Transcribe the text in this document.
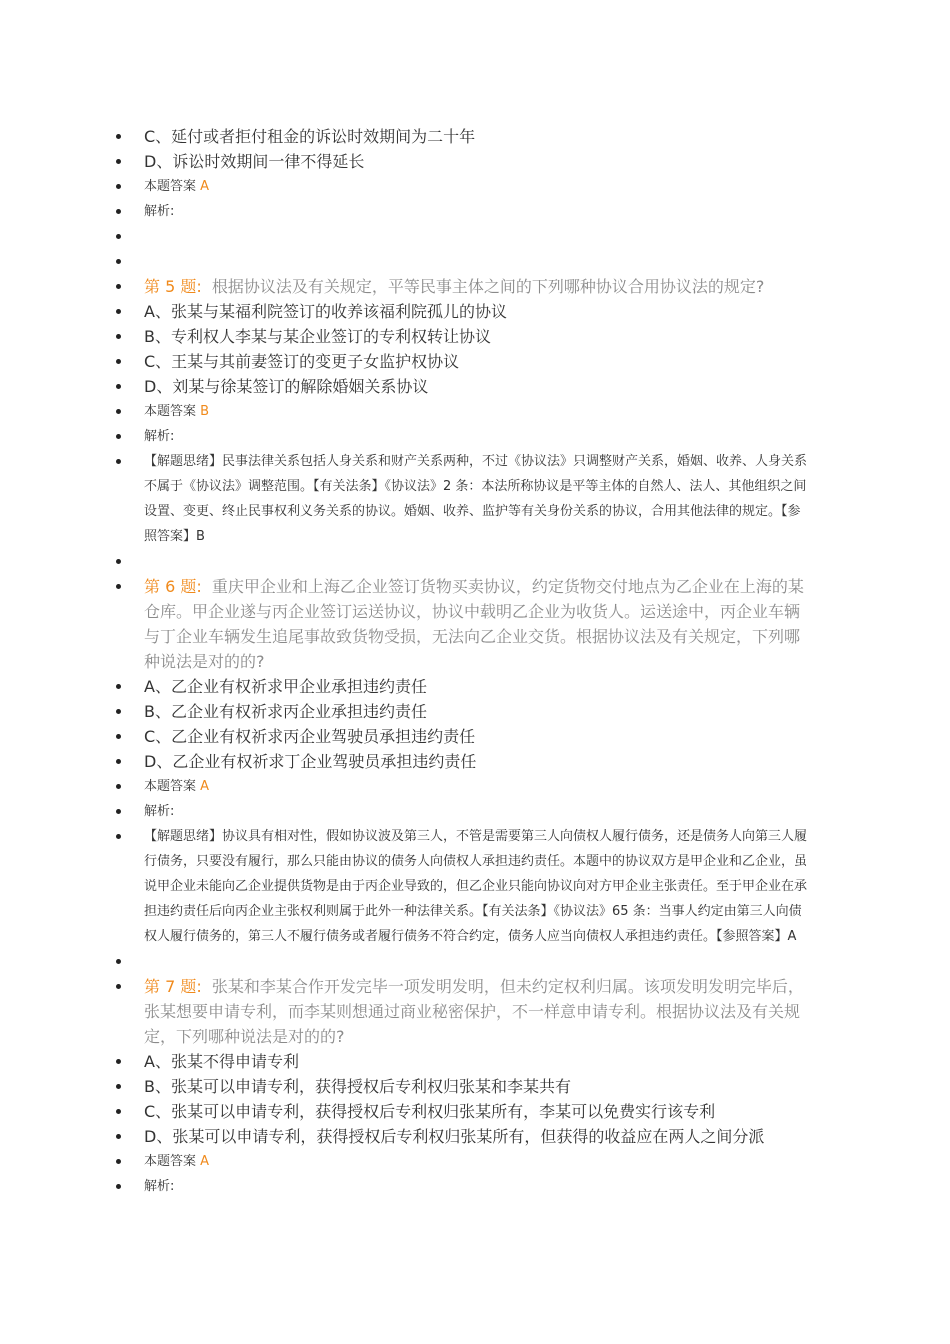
C、延付或者拒付租金的诉讼时效期间为二十年
D、诉讼时效期间一律不得延长
本题答案 A
解析:
第 5 题: 根据协议法及有关规定，平等民事主体之间的下列哪种协议合用协议法的规定?
A、张某与某福利院签订的收养该福利院孤儿的协议
B、专利权人李某与某企业签订的专利权转让协议
C、王某与其前妻签订的变更子女监护权协议
D、刘某与徐某签订的解除婚姻关系协议
本题答案 B
解析:
【解题思绪】民事法律关系包括人身关系和财产关系两种，不过《协议法》只调整财产关系，婚姻、收养、人身关系不属于《协议法》调整范围。【有关法条】《协议法》2 条：本法所称协议是平等主体的自然人、法人、其他组织之间设置、变更、终止民事权利义务关系的协议。婚姻、收养、监护等有关身份关系的协议，合用其他法律的规定。【参照答案】B
第 6 题: 重庆甲企业和上海乙企业签订货物买卖协议，约定货物交付地点为乙企业在上海的某仓库。甲企业遂与丙企业签订运送协议，协议中载明乙企业为收货人。运送途中，丙企业车辆与丁企业车辆发生追尾事故致货物受损，无法向乙企业交货。根据协议法及有关规定，下列哪种说法是对的的?
A、乙企业有权祈求甲企业承担违约责任
B、乙企业有权祈求丙企业承担违约责任
C、乙企业有权祈求丙企业驾驶员承担违约责任
D、乙企业有权祈求丁企业驾驶员承担违约责任
本题答案 A
解析:
【解题思绪】协议具有相对性，假如协议波及第三人，不管是需要第三人向债权人履行债务，还是债务人向第三人履行债务，只要没有履行，那么只能由协议的债务人向债权人承担违约责任。本题中的协议双方是甲企业和乙企业，虽说甲企业未能向乙企业提供货物是由于丙企业导致的，但乙企业只能向协议向对方甲企业主张责任。至于甲企业在承担违约责任后向丙企业主张权利则属于此外一种法律关系。【有关法条】《协议法》65 条：当事人约定由第三人向债权人履行债务的，第三人不履行债务或者履行债务不符合约定，债务人应当向债权人承担违约责任。【参照答案】A
第 7 题: 张某和李某合作开发完毕一项发明发明，但未约定权利归属。该项发明发明完毕后，张某想要申请专利，而李某则想通过商业秘密保护，不一样意申请专利。根据协议法及有关规定，下列哪种说法是对的的?
A、张某不得申请专利
B、张某可以申请专利，获得授权后专利权归张某和李某共有
C、张某可以申请专利，获得授权后专利权归张某所有，李某可以免费实行该专利
D、张某可以申请专利，获得授权后专利权归张某所有，但获得的收益应在两人之间分派
本题答案 A
解析:
